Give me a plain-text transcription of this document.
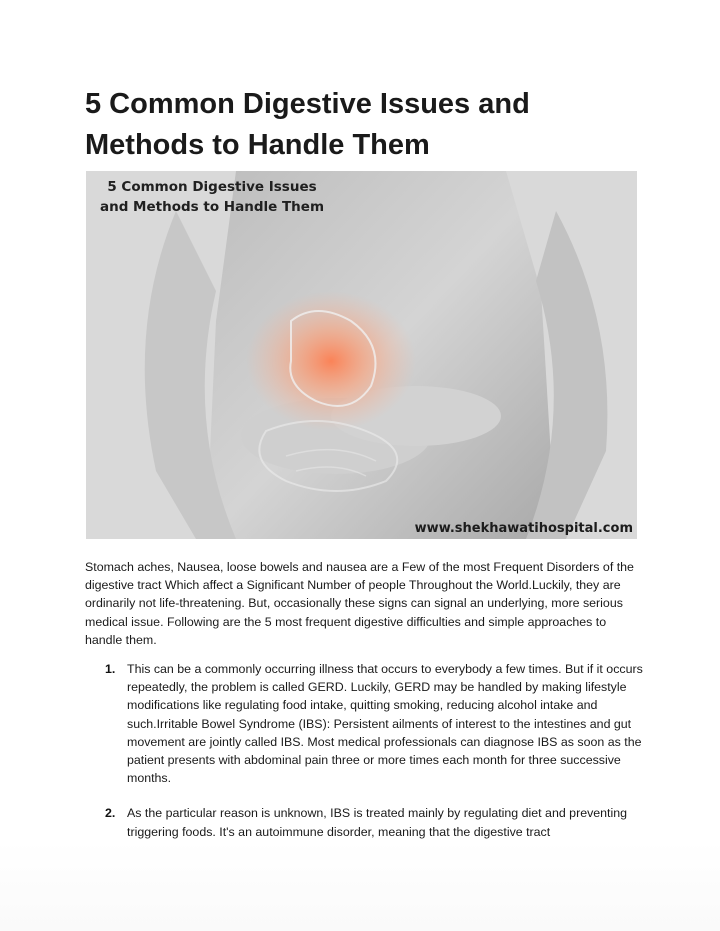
5 Common Digestive Issues and Methods to Handle Them
5 Common Digestive Issues and Methods to Handle Them
www.shekhawatihospital.com

Stomach aches, Nausea, loose bowels and nausea are a Few of the most Frequent Disorders of the digestive tract Which affect a Significant Number of people Throughout the World.Luckily, they are ordinarily not life-threatening. But, occasionally these signs can signal an underlying, more serious medical issue. Following are the 5 most frequent digestive difficulties and simple approaches to handle them.

1. This can be a commonly occurring illness that occurs to everybody a few times. But if it occurs repeatedly, the problem is called GERD. Luckily, GERD may be handled by making lifestyle modifications like regulating food intake, quitting smoking, reducing alcohol intake and such.Irritable Bowel Syndrome (IBS): Persistent ailments of interest to the intestines and gut movement are jointly called IBS. Most medical professionals can diagnose IBS as soon as the patient presents with abdominal pain three or more times each month for three successive months.
2. As the particular reason is unknown, IBS is treated mainly by regulating diet and preventing triggering foods. It's an autoimmune disorder, meaning that the digestive tract
